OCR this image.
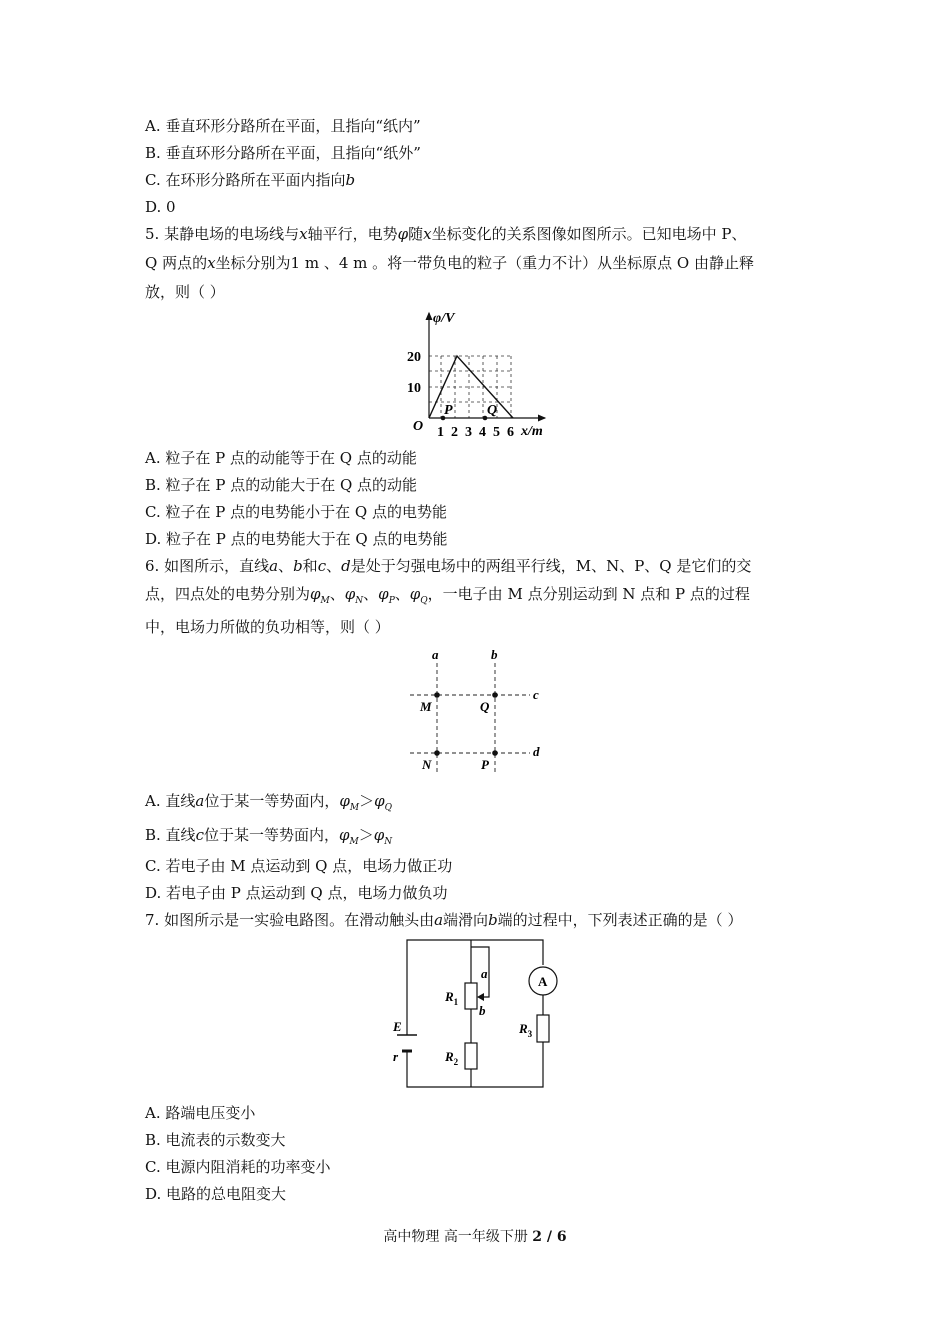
A. 垂直环形分路所在平面，且指向“纸内”
B. 垂直环形分路所在平面，且指向“纸外”
C. 在环形分路所在平面内指向b
D. 0
5. 某静电场的电场线与x轴平行，电势φ随x坐标变化的关系图像如图所示。已知电场中 P、
Q 两点的x坐标分别为1 m 、4 m 。将一带负电的粒子（重力不计）从坐标原点 O 由静止释
放，则（ ）
φ/V
20
10
O
P Q
1 2 3 4 5 6 x/m
A. 粒子在 P 点的动能等于在 Q 点的动能
B. 粒子在 P 点的动能大于在 Q 点的动能
C. 粒子在 P 点的电势能小于在 Q 点的电势能
D. 粒子在 P 点的电势能大于在 Q 点的电势能
6. 如图所示，直线a、b和c、d是处于匀强电场中的两组平行线，M、N、P、Q 是它们的交
点，四点处的电势分别为$\varphi_M$、$\varphi_N$、$\varphi_P$、$\varphi_Q$，一电子由 M 点分别运动到 N 点和 P 点的过程
中，电场力所做的负功相等，则（ ）
a	b
c
d
M	Q
N	P
A. 直线a位于某一等势面内，$\varphi_M>\varphi_Q$
B. 直线c位于某一等势面内，$\varphi_M>\varphi_N$
C. 若电子由 M 点运动到 Q 点，电场力做正功
D. 若电子由 P 点运动到 Q 点，电场力做负功
7. 如图所示是一实验电路图。在滑动触头由a端滑向b端的过程中，下列表述正确的是（ ）
A
a
b
$R_1$
$R_2$
$R_3$
E
r
A. 路端电压变小
B. 电流表的示数变大
C. 电源内阻消耗的功率变小
D. 电路的总电阻变大
高中物理 高一年级下册 2 / 6
